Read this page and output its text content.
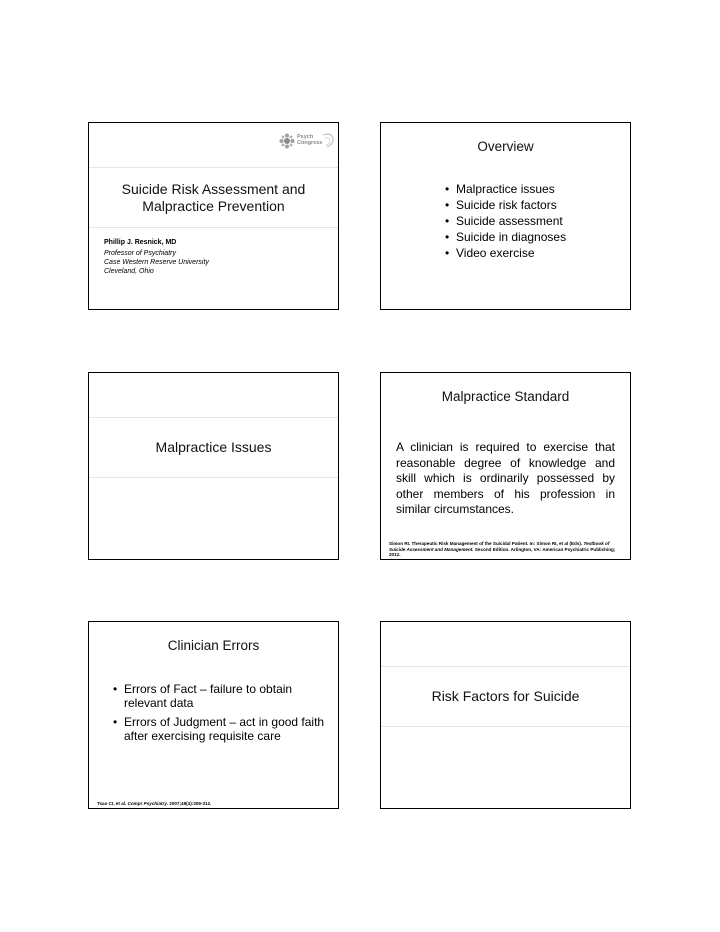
Psych
Congress
Suicide Risk Assessment and
Malpractice Prevention
Phillip J. Resnick, MD
Professor of Psychiatry
Case Western Reserve University
Cleveland, Ohio
Overview
• Malpractice issues
• Suicide risk factors
• Suicide assessment
• Suicide in diagnoses
• Video exercise
Malpractice Issues
Malpractice Standard
A clinician is required to exercise that reasonable degree of knowledge and skill which is ordinarily possessed by other members of his profession in similar circumstances.
Simon RI. Therapeutic Risk Management of the Suicidal Patient. In: Simon RI, et al (Eds). Textbook of Suicide Assessment and Management. Second Edition. Arlington, VA: American Psychiatric Publishing; 2012.
Clinician Errors
• Errors of Fact – failure to obtain relevant data
• Errors of Judgment – act in good faith after exercising requisite care
Tsao CI, et al. Compr Psychiatry. 2007;48(4):309-312.
Risk Factors for Suicide
